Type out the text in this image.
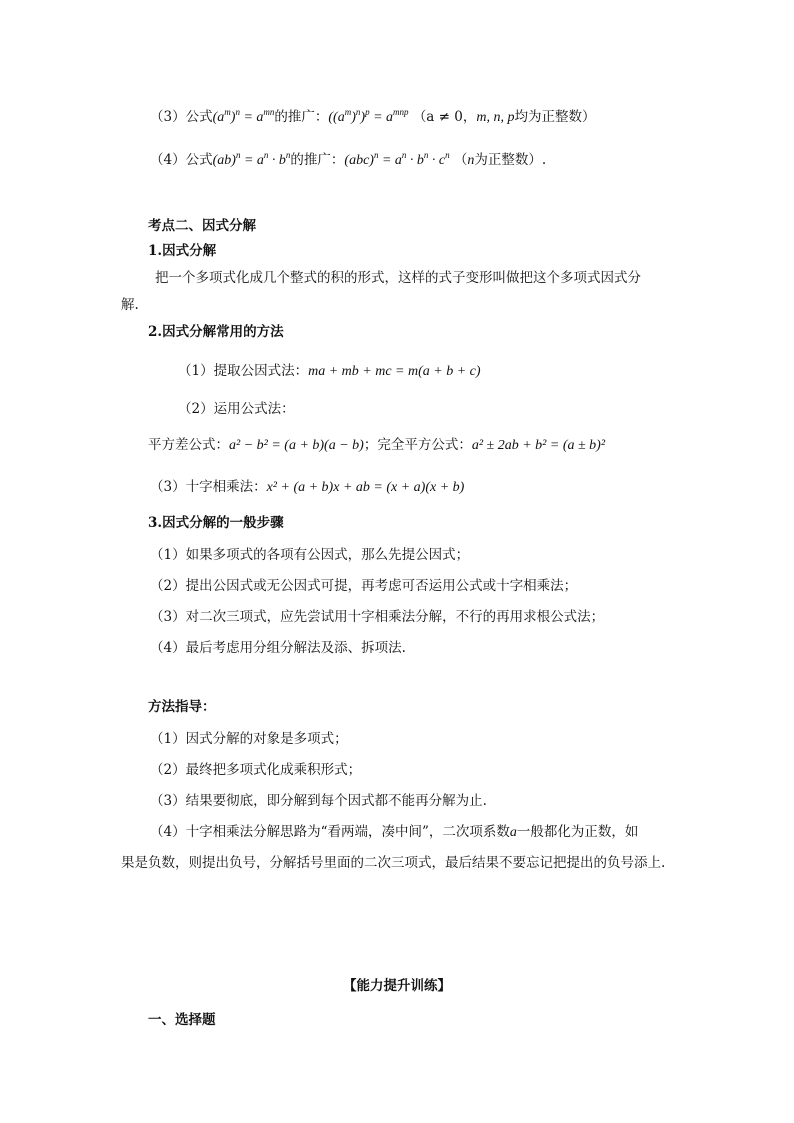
（3）公式$(a^m)^n = a^{mn}$的推广：$((a^m)^n)^p = a^{mnp}$ （a ≠ 0，m, n, p均为正整数）
（4）公式$(ab)^n = a^n \cdot b^n$的推广：$(abc)^n = a^n \cdot b^n \cdot c^n$ （n为正整数）.
考点二、因式分解
1.因式分解
把一个多项式化成几个整式的积的形式，这样的式子变形叫做把这个多项式因式分
解.
2.因式分解常用的方法
（1）提取公因式法：ma + mb + mc = m(a + b + c)
（2）运用公式法：
平方差公式：a² − b² = (a + b)(a − b)；完全平方公式：a² ± 2ab + b² = (a ± b)²
（3）十字相乘法：x² + (a + b)x + ab = (x + a)(x + b)
3.因式分解的一般步骤
（1）如果多项式的各项有公因式，那么先提公因式；
（2）提出公因式或无公因式可提，再考虑可否运用公式或十字相乘法；
（3）对二次三项式，应先尝试用十字相乘法分解，不行的再用求根公式法；
（4）最后考虑用分组分解法及添、拆项法.
方法指导：
（1）因式分解的对象是多项式；
（2）最终把多项式化成乘积形式；
（3）结果要彻底，即分解到每个因式都不能再分解为止.
（4）十字相乘法分解思路为“看两端，凑中间”，二次项系数a一般都化为正数，如
果是负数，则提出负号，分解括号里面的二次三项式，最后结果不要忘记把提出的负号添上.
【能力提升训练】
一、选择题
